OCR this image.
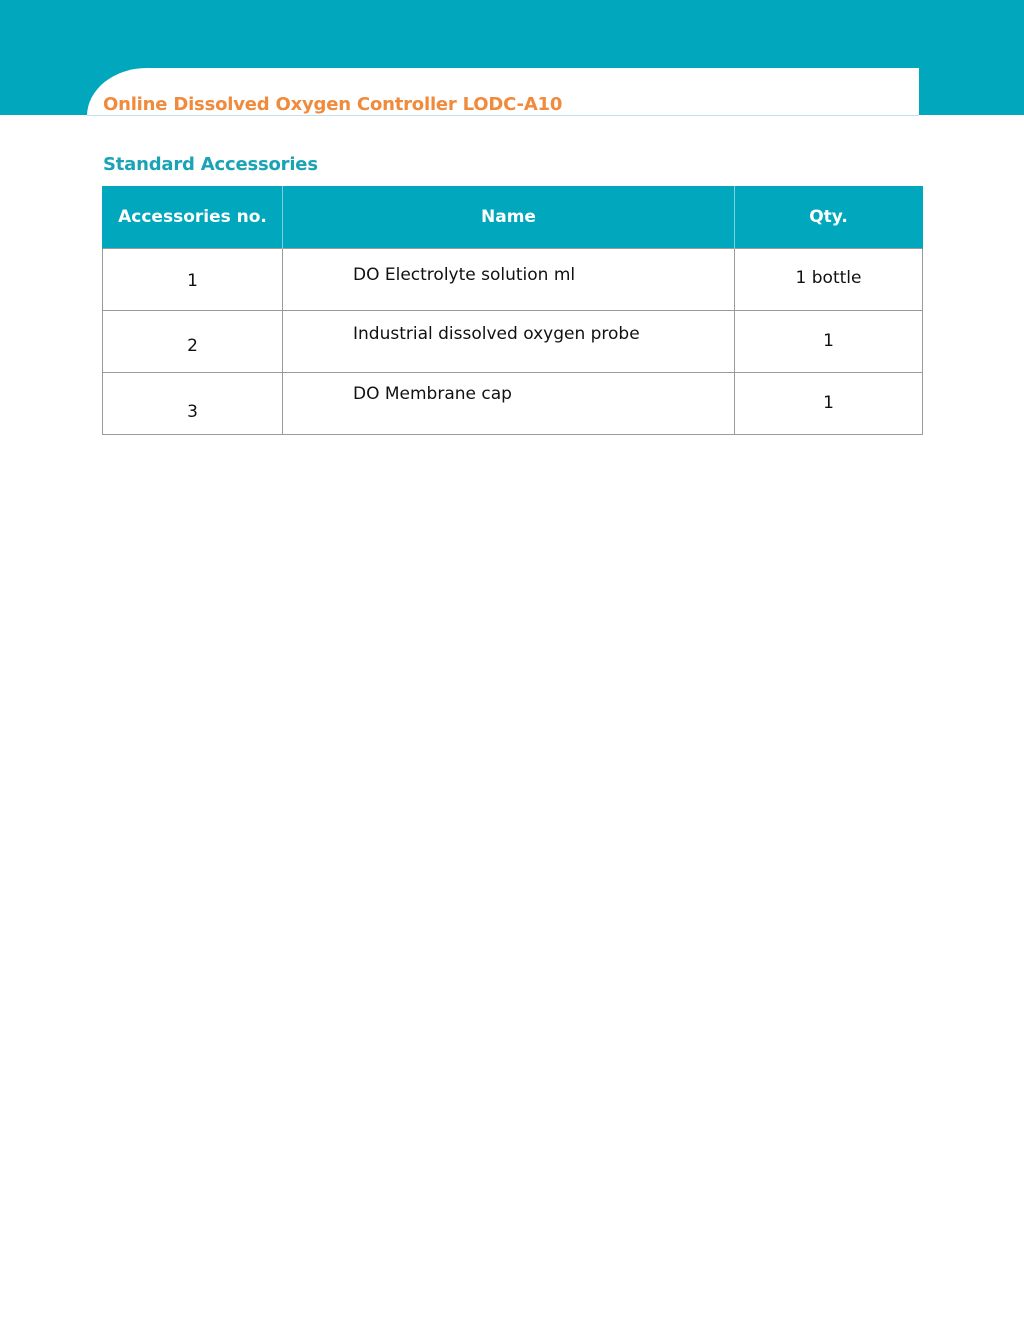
Online Dissolved Oxygen Controller LODC-A10
Standard Accessories
Accessories no.	Name	Qty.

1	DO Electrolyte solution ml	1 bottle

2	Industrial dissolved oxygen probe	1

3	DO Membrane cap	1
